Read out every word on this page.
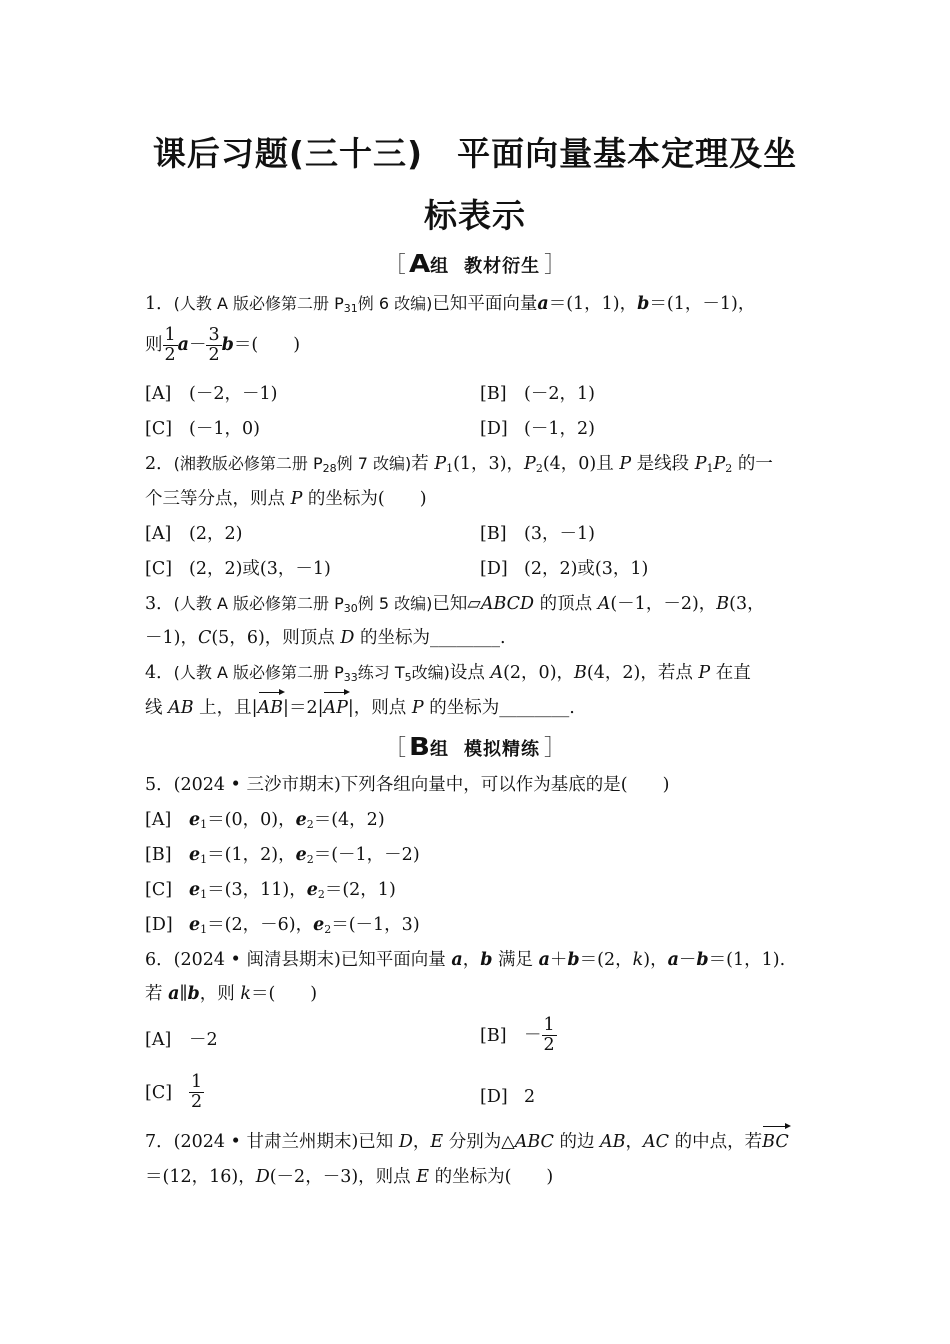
课后习题(三十三)　平面向量基本定理及坐
标表示
［ A组 教材衍生 ］
1．(人教 A 版必修第二册 $P_{31}$例 6 改编)已知平面向量a＝(1，1)，b＝(1，－1)，
则 $\frac{1}{2} a- \frac{3}{2} b=$(　　)
[A] (－2，－1)	[B] (－2，1)
[C] (－1，0)	[D] (－1，2)
2．(湘教版必修第二册 $P_{28}$例 7 改编)若 $P_1(1$，3)，$P_2(4$，0)且 P 是线段 $P_1P_2$ 的一
个三等分点，则点 P 的坐标为(　　)
[A] (2，2)	[B] (3，－1)
[C] (2，2)或(3，－1)	[D] (2，2)或(3，1)
3．(人教 A 版必修第二册 $P_{30}$例 5 改编)已知▱ABCD 的顶点 A(－1，－2)，B(3，
－1)，C(5，6)，则顶点 D 的坐标为________.
4．(人教 A 版必修第二册 $P_{33}$练习 $T_5$改编)设点 A(2，0)，B(4，2)，若点 P 在直
线 AB 上，且|AB|＝2|AP|，则点 P 的坐标为________.
［ B组 模拟精练 ］
5．(2024 • 三沙市期末)下列各组向量中，可以作为基底的是(　　)
[A] $e_1=(0$，0)，$e_2=(4$，2)
[B] $e_1=(1$，2)，$e_2=(-1$，－2)
[C] $e_1=(3$，11)，$e_2=(2$，1)
[D] $e_1=(2$，－6)，$e_2=(-1$，3)
6．(2024 • 闽清县期末)已知平面向量 a，b 满足 a＋b＝(2，k)，a－b＝(1，1).
若 a∥b，则 k＝(　　)
[A] －2	$[B] - \frac{1}{2}$
$[C] \frac{1}{2}$	[D] 2
7．(2024 • 甘肃兰州期末)已知 D，E 分别为△ABC 的边 AB，AC 的中点，若BC
＝(12，16)，D(－2，－3)，则点 E 的坐标为(　　)
